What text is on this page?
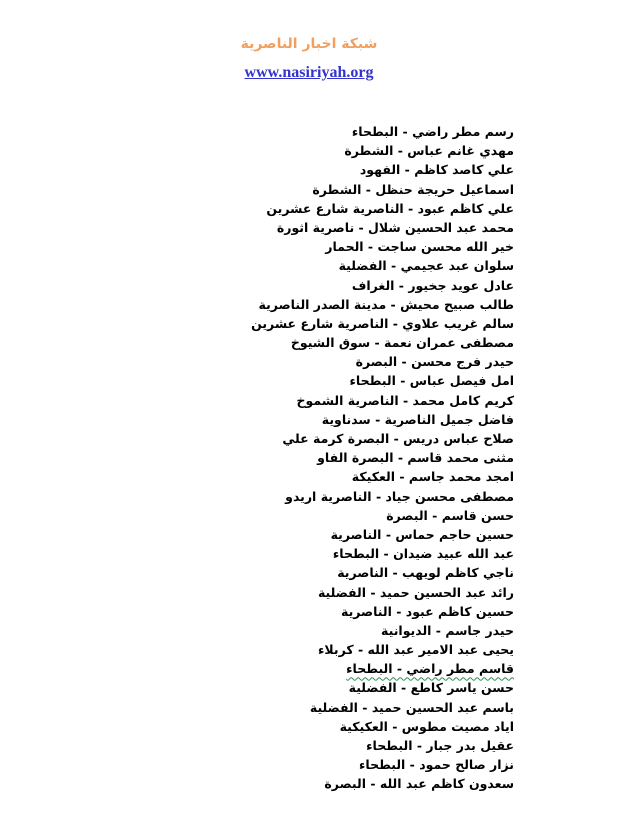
شبكة اخبار الناصرية
www.nasiriyah.org
رسم مطر راضي - البطحاء
مهدي غانم عباس - الشطرة
علي كاصد كاظم - الفهود
اسماعيل حريجة حنظل - الشطرة
علي كاظم عبود - الناصرية شارع عشرين
محمد عبد الحسين شلال - ناصرية اثورة
خير الله محسن ساجت - الحمار
سلوان عبد عجيمي - الفضلية
عادل عويد جخيور - الغراف
طالب صبيح محيش - مدينة الصدر الناصرية
سالم غريب علاوي - الناصرية شارع عشرين
مصطفى عمران نعمة - سوق الشيوخ
حيدر فرج محسن - البصرة
امل فيصل عباس - البطحاء
كريم كامل محمد - الناصرية الشموخ
فاضل جميل الناصرية - سدناوية
صلاح عباس دريس - البصرة كرمة علي
مثنى محمد قاسم - البصرة الفاو
امجد محمد جاسم - العكيكة
مصطفى محسن جياد - الناصرية اريدو
حسن قاسم - البصرة
حسين حاجم حماس - الناصرية
عبد الله عبيد ضيدان - البطحاء
ناجي كاظم لويهب - الناصرية
رائد عبد الحسين حميد - الفضلية
حسين كاظم عبود - الناصرية
حيدر جاسم - الديوانية
يحيى عبد الامير عبد الله - كربلاء
قاسم مطر راضي - البطحاء
حسن ياسر كاطع - الفضلية
باسم عبد الحسين حميد - الفضلية
اياد مصيت مطوس - العكيكية
عقيل بدر جبار - البطحاء
نزار صالح حمود - البطحاء
سعدون كاظم عبد الله - البصرة
